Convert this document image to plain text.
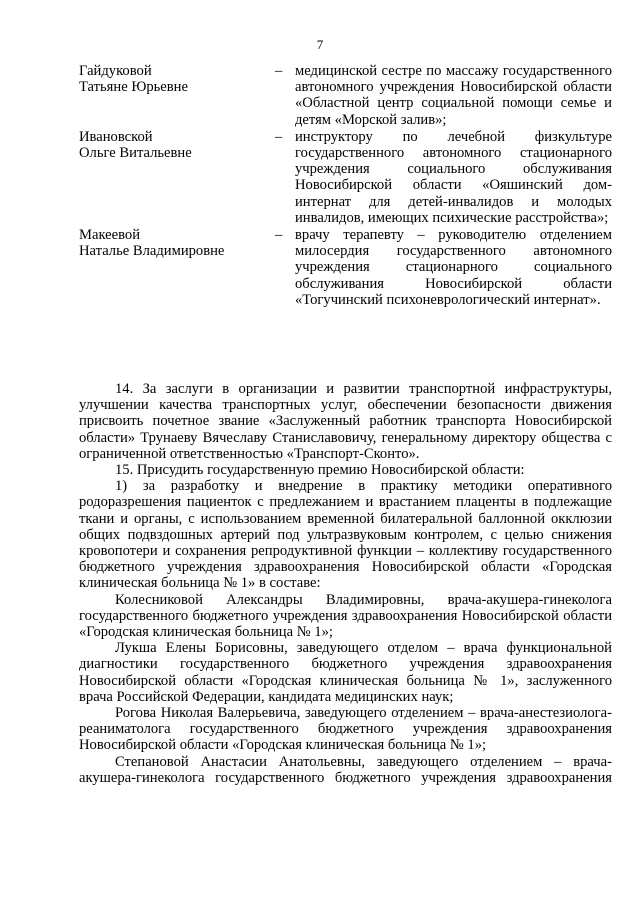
7
Гайдуковой
Татьяне Юрьевне
– медицинской сестре по массажу государственного автономного учреждения Новосибирской области «Областной центр социальной помощи семье и детям «Морской залив»;
Ивановской
Ольге Витальевне
– инструктору по лечебной физкультуре государственного автономного стационарного учреждения социального обслуживания Новосибирской области «Ояшинский дом-интернат для детей-инвалидов и молодых инвалидов, имеющих психические расстройства»;
Макеевой
Наталье Владимировне
– врачу терапевту – руководителю отделением милосердия государственного автономного учреждения стационарного социального обслуживания Новосибирской области «Тогучинский психоневрологический интернат».

14. За заслуги в организации и развитии транспортной инфраструктуры, улучшении качества транспортных услуг, обеспечении безопасности движения присвоить почетное звание «Заслуженный работник транспорта Новосибирской области» Трунаеву Вячеславу Станиславовичу, генеральному директору общества с ограниченной ответственностью «Транспорт-Сконто».

15. Присудить государственную премию Новосибирской области:

1) за разработку и внедрение в практику методики оперативного родоразрешения пациенток с предлежанием и врастанием плаценты в подлежащие ткани и органы, с использованием временной билатеральной баллонной окклюзии общих подвздошных артерий под ультразвуковым контролем, с целью снижения кровопотери и сохранения репродуктивной функции – коллективу государственного бюджетного учреждения здравоохранения Новосибирской области «Городская клиническая больница № 1» в составе:

Колесниковой Александры Владимировны, врача-акушера-гинеколога государственного бюджетного учреждения здравоохранения Новосибирской области «Городская клиническая больница № 1»;

Лукша Елены Борисовны, заведующего отделом – врача функциональной диагностики государственного бюджетного учреждения здравоохранения Новосибирской области «Городская клиническая больница № 1», заслуженного врача Российской Федерации, кандидата медицинских наук;

Рогова Николая Валерьевича, заведующего отделением – врача-анестезиолога-реаниматолога государственного бюджетного учреждения здравоохранения Новосибирской области «Городская клиническая больница № 1»;

Степановой Анастасии Анатольевны, заведующего отделением – врача-акушера-гинеколога государственного бюджетного учреждения здравоохранения
